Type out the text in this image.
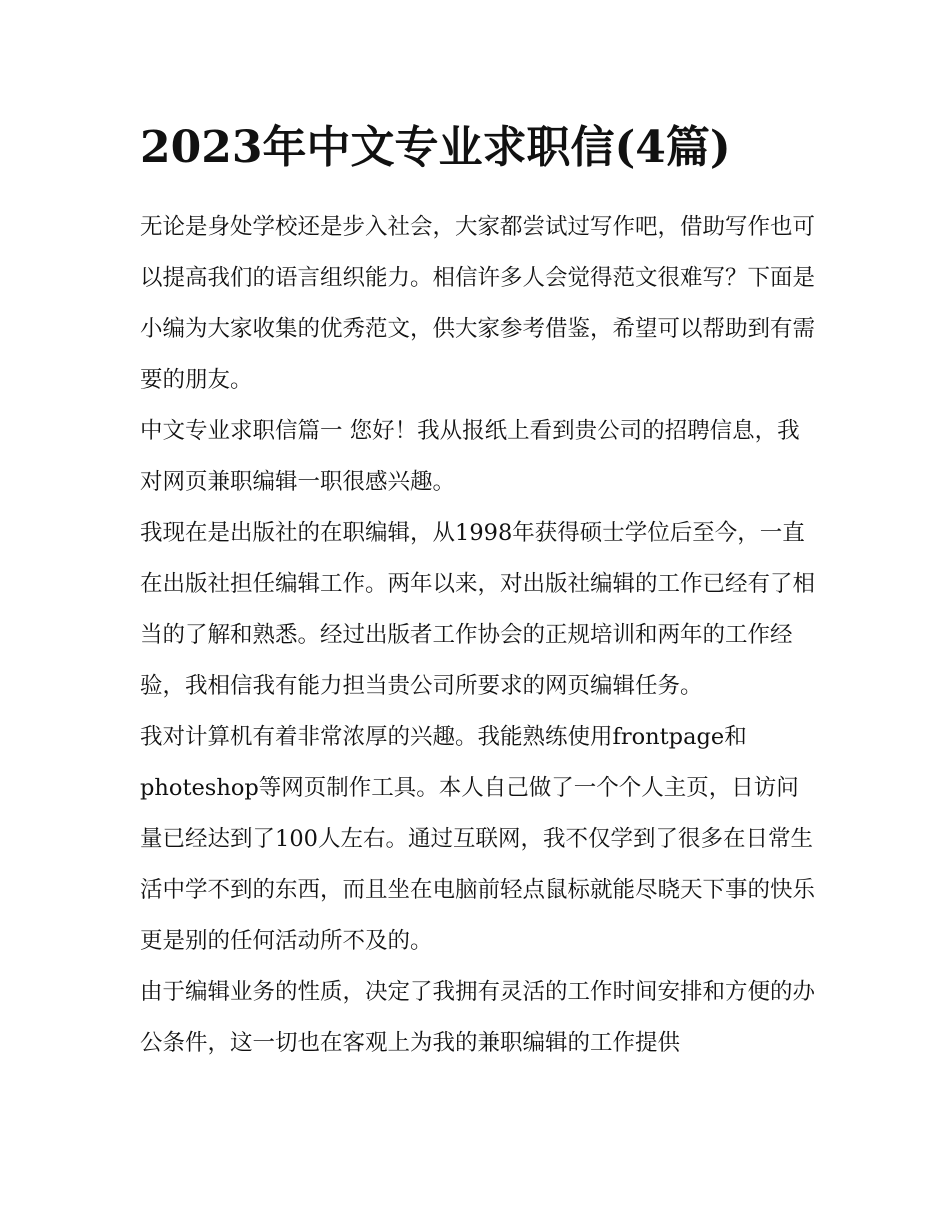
2023年中文专业求职信(4篇)

无论是身处学校还是步入社会，大家都尝试过写作吧，借助写作也可以提高我们的语言组织能力。相信许多人会觉得范文很难写？下面是小编为大家收集的优秀范文，供大家参考借鉴，希望可以帮助到有需要的朋友。

中文专业求职信篇一 您好！我从报纸上看到贵公司的招聘信息，我对网页兼职编辑一职很感兴趣。

我现在是出版社的在职编辑，从1998年获得硕士学位后至今，一直在出版社担任编辑工作。两年以来，对出版社编辑的工作已经有了相当的了解和熟悉。经过出版者工作协会的正规培训和两年的工作经验，我相信我有能力担当贵公司所要求的网页编辑任务。

我对计算机有着非常浓厚的兴趣。我能熟练使用frontpage和photeshop等网页制作工具。本人自己做了一个个人主页，日访问量已经达到了100人左右。通过互联网，我不仅学到了很多在日常生活中学不到的东西，而且坐在电脑前轻点鼠标就能尽晓天下事的快乐更是别的任何活动所不及的。

由于编辑业务的性质，决定了我拥有灵活的工作时间安排和方便的办公条件，这一切也在客观上为我的兼职编辑的工作提供
